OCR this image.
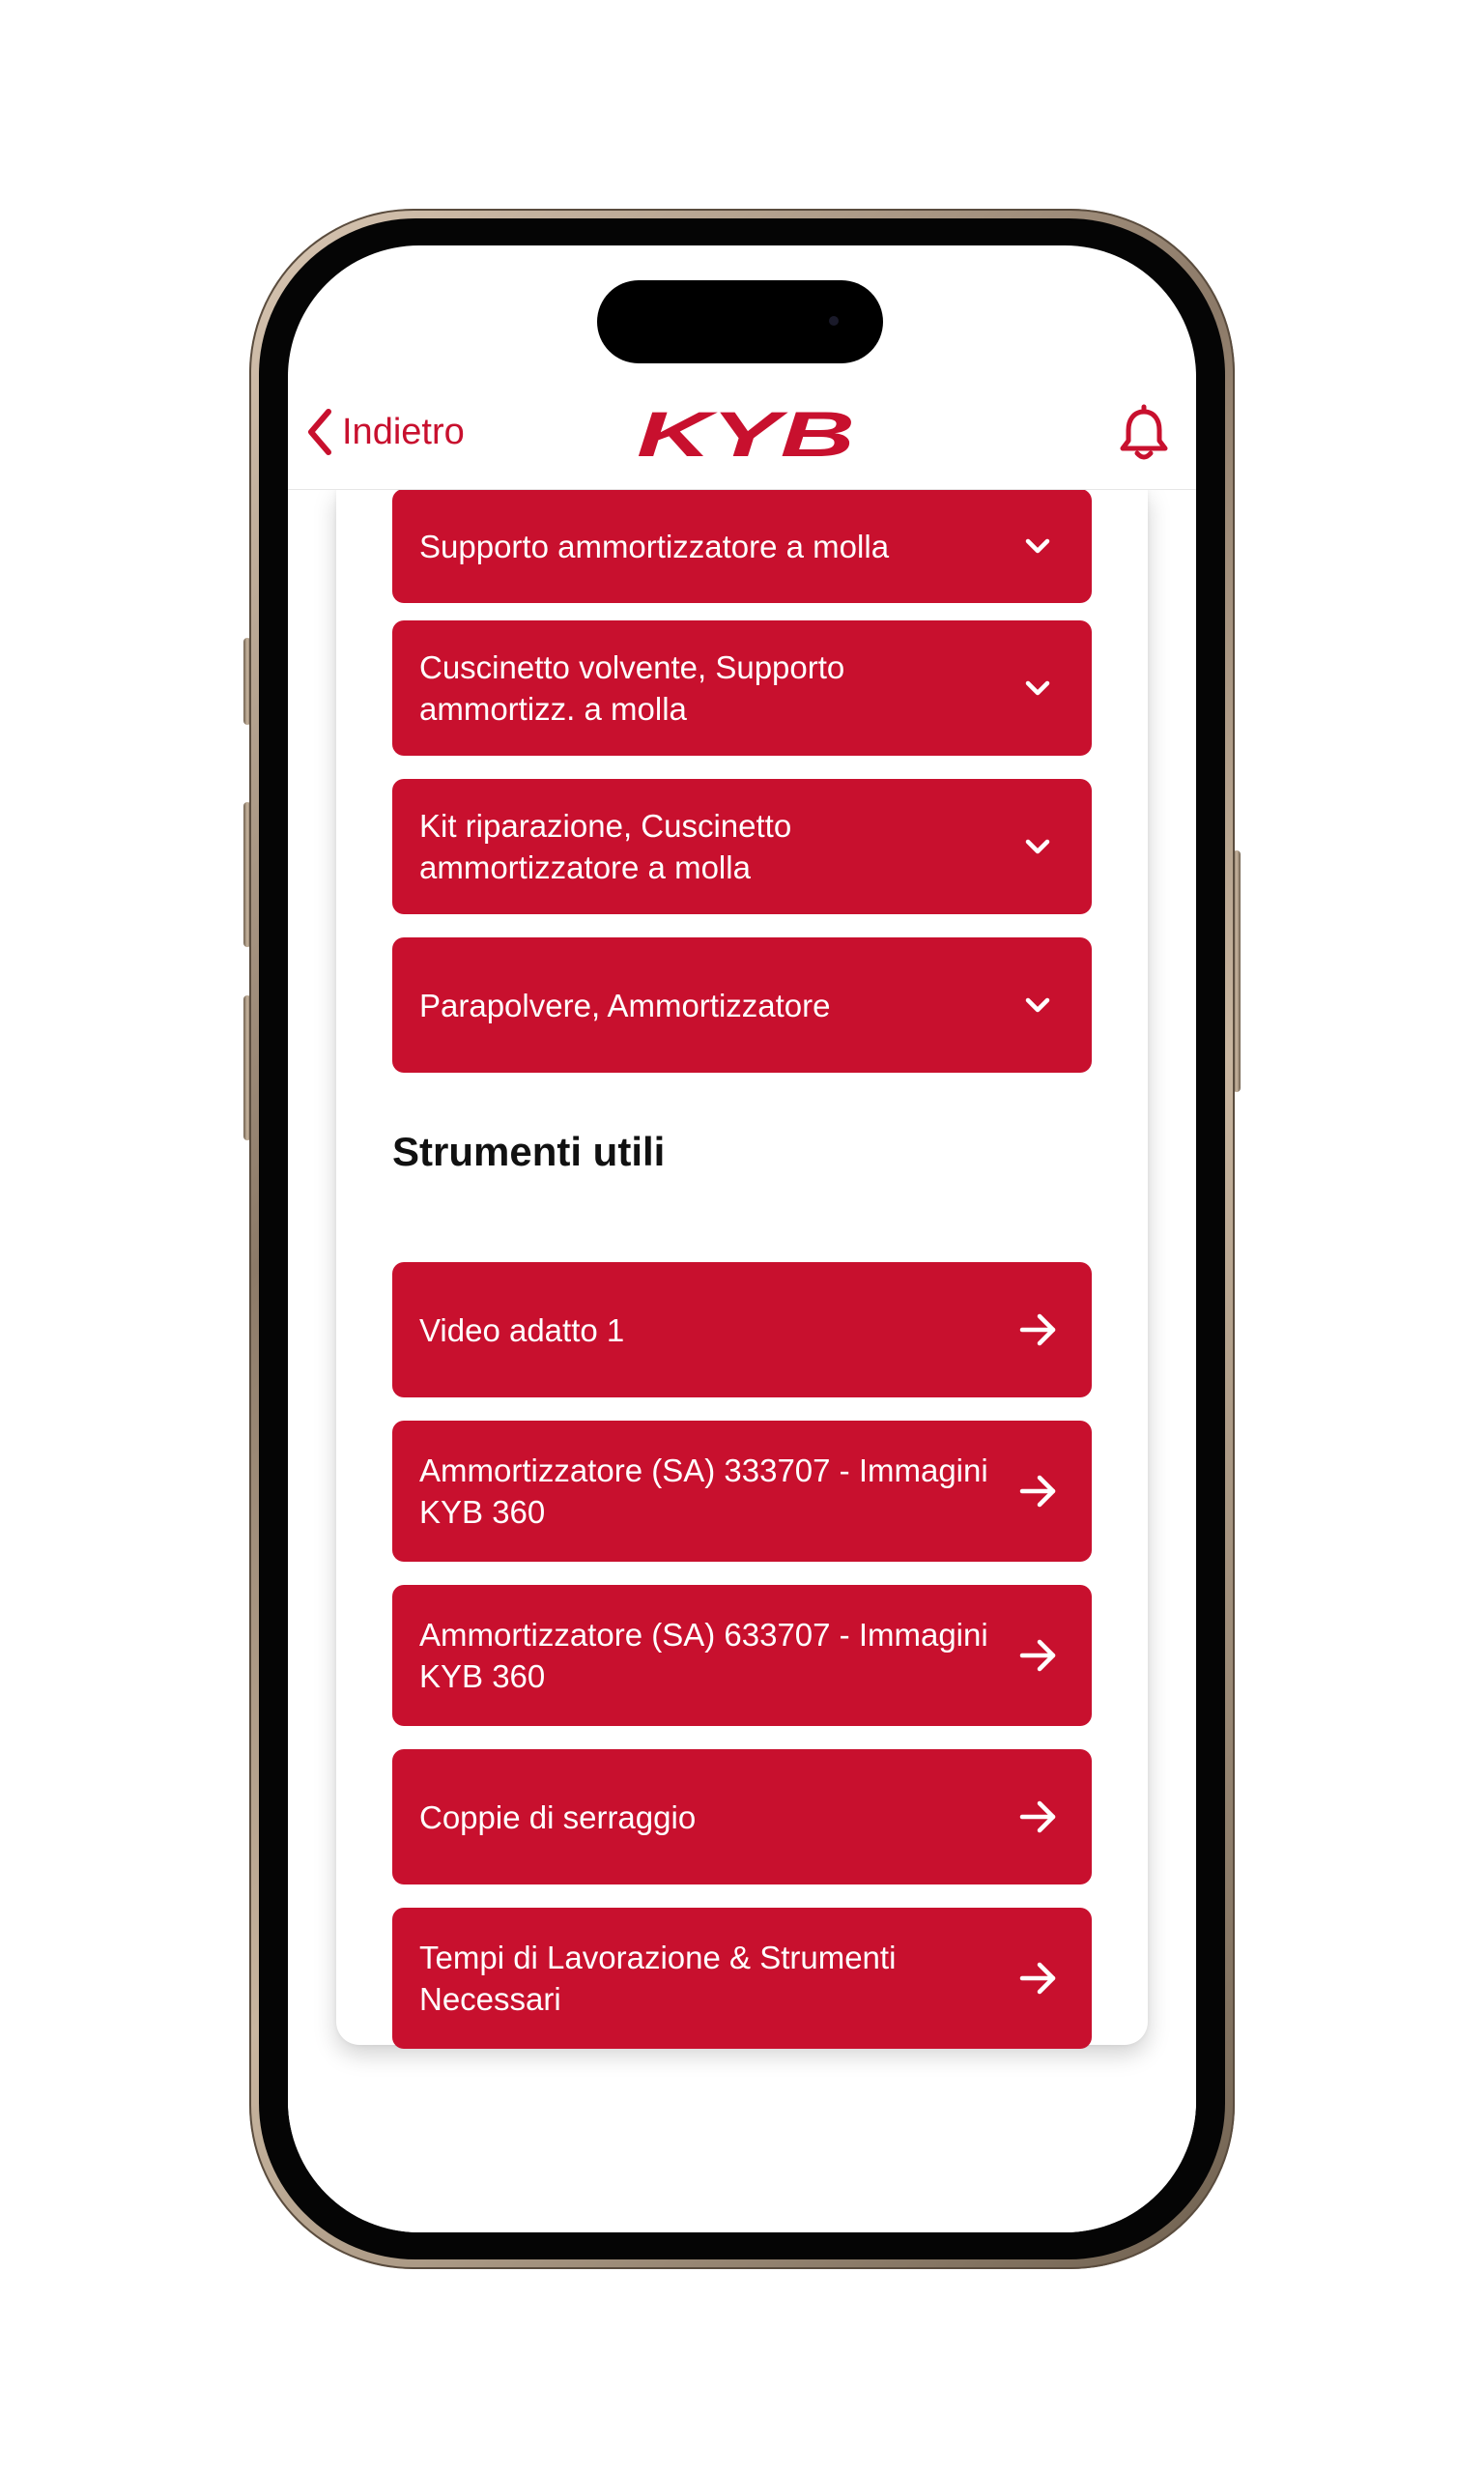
Indietro	KYB
Supporto ammortizzatore a molla
Cuscinetto volvente, Supporto ammortizz. a molla
Kit riparazione, Cuscinetto ammortizzatore a molla
Parapolvere, Ammortizzatore
Strumenti utili
Video adatto 1
Ammortizzatore (SA) 333707 - Immagini KYB 360
Ammortizzatore (SA) 633707 - Immagini KYB 360
Coppie di serraggio
Tempi di Lavorazione & Strumenti Necessari
